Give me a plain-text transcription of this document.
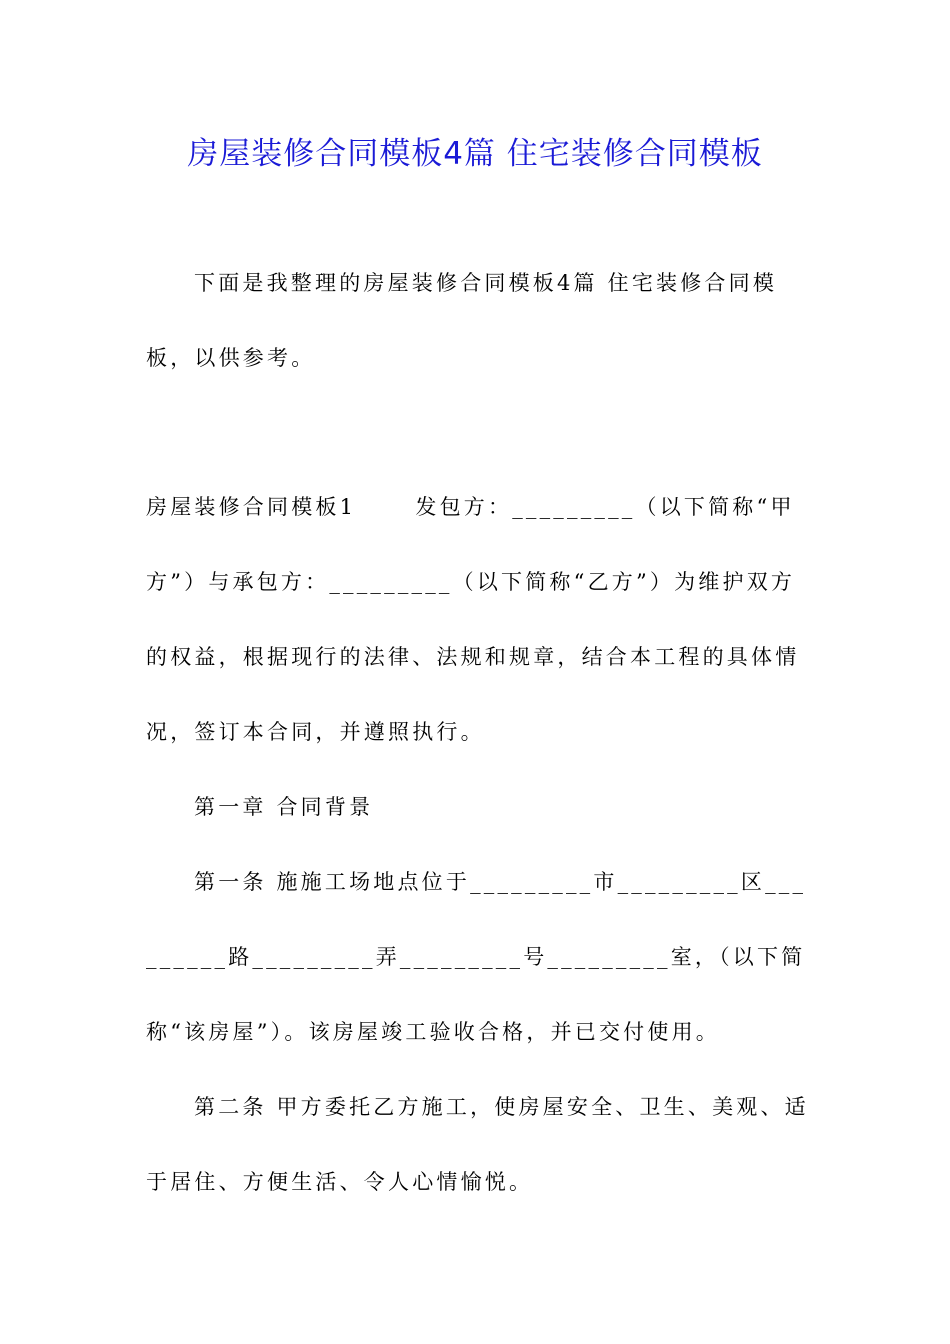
房屋装修合同模板4篇 住宅装修合同模板

下面是我整理的房屋装修合同模板4篇 住宅装修合同模板，以供参考。

房屋装修合同模板1      发包方：_________（以下简称“甲方”）与承包方：_________（以下简称“乙方”）为维护双方的权益，根据现行的法律、法规和规章，结合本工程的具体情况，签订本合同，并遵照执行。

第一章 合同背景

第一条 施施工场地点位于_________市_________区_________路_________弄_________号_________室，（以下简称“该房屋”）。该房屋竣工验收合格，并已交付使用。

第二条 甲方委托乙方施工，使房屋安全、卫生、美观、适于居住、方便生活、令人心情愉悦。
